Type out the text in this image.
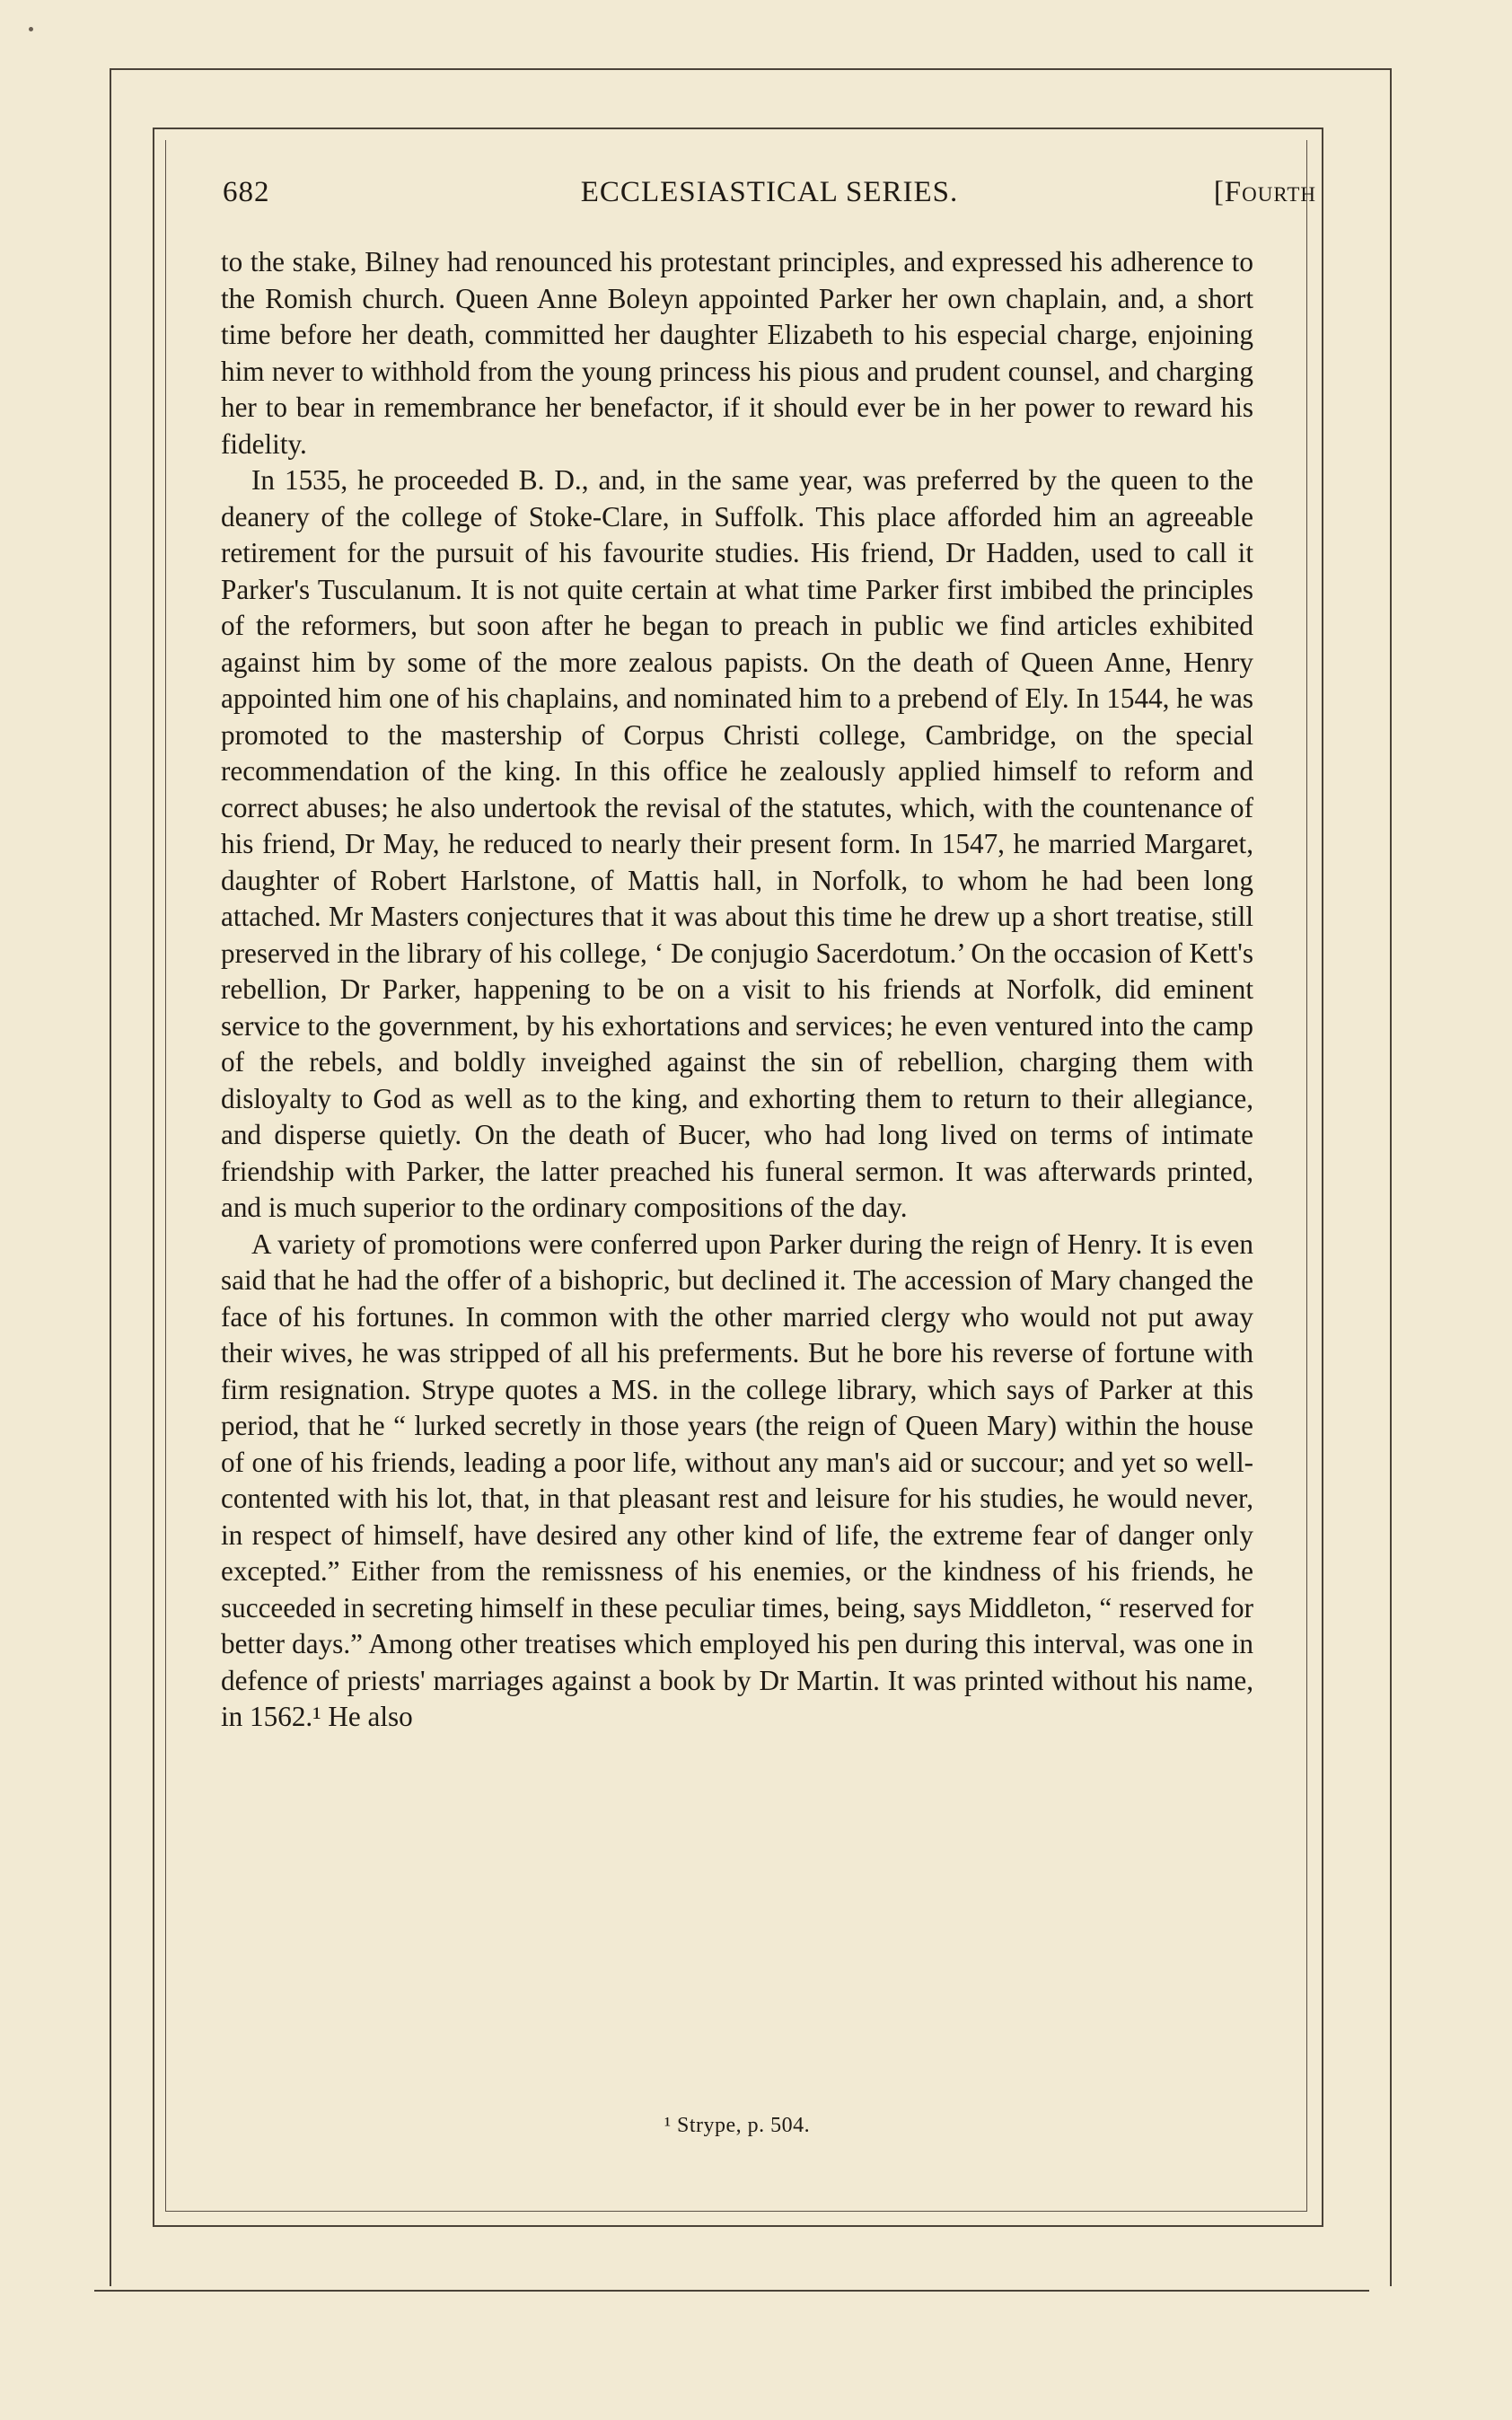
682	ECCLESIASTICAL SERIES.	[Fourth

to the stake, Bilney had renounced his protestant principles, and expressed his adherence to the Romish church. Queen Anne Boleyn appointed Parker her own chaplain, and, a short time before her death, committed her daughter Elizabeth to his especial charge, enjoining him never to withhold from the young princess his pious and prudent counsel, and charging her to bear in remembrance her benefactor, if it should ever be in her power to reward his fidelity.

In 1535, he proceeded B. D., and, in the same year, was preferred by the queen to the deanery of the college of Stoke-Clare, in Suffolk. This place afforded him an agreeable retirement for the pursuit of his favourite studies. His friend, Dr Hadden, used to call it Parker's Tusculanum. It is not quite certain at what time Parker first imbibed the principles of the reformers, but soon after he began to preach in public we find articles exhibited against him by some of the more zealous papists. On the death of Queen Anne, Henry appointed him one of his chaplains, and nominated him to a prebend of Ely. In 1544, he was promoted to the mastership of Corpus Christi college, Cambridge, on the special recommendation of the king. In this office he zealously applied himself to reform and correct abuses; he also undertook the revisal of the statutes, which, with the countenance of his friend, Dr May, he reduced to nearly their present form. In 1547, he married Margaret, daughter of Robert Harlstone, of Mattis hall, in Norfolk, to whom he had been long attached. Mr Masters conjectures that it was about this time he drew up a short treatise, still preserved in the library of his college, ‘ De conjugio Sacerdotum.’ On the occasion of Kett's rebellion, Dr Parker, happening to be on a visit to his friends at Norfolk, did eminent service to the government, by his exhortations and services; he even ventured into the camp of the rebels, and boldly inveighed against the sin of rebellion, charging them with disloyalty to God as well as to the king, and exhorting them to return to their allegiance, and disperse quietly. On the death of Bucer, who had long lived on terms of intimate friendship with Parker, the latter preached his funeral sermon. It was afterwards printed, and is much superior to the ordinary compositions of the day.

A variety of promotions were conferred upon Parker during the reign of Henry. It is even said that he had the offer of a bishopric, but declined it. The accession of Mary changed the face of his fortunes. In common with the other married clergy who would not put away their wives, he was stripped of all his preferments. But he bore his reverse of fortune with firm resignation. Strype quotes a MS. in the college library, which says of Parker at this period, that he “ lurked secretly in those years (the reign of Queen Mary) within the house of one of his friends, leading a poor life, without any man's aid or succour; and yet so well-contented with his lot, that, in that pleasant rest and leisure for his studies, he would never, in respect of himself, have desired any other kind of life, the extreme fear of danger only excepted.” Either from the remissness of his enemies, or the kindness of his friends, he succeeded in secreting himself in these peculiar times, being, says Middleton, “ reserved for better days.” Among other treatises which employed his pen during this interval, was one in defence of priests' marriages against a book by Dr Martin. It was printed without his name, in 1562.¹ He also

¹ Strype, p. 504.
